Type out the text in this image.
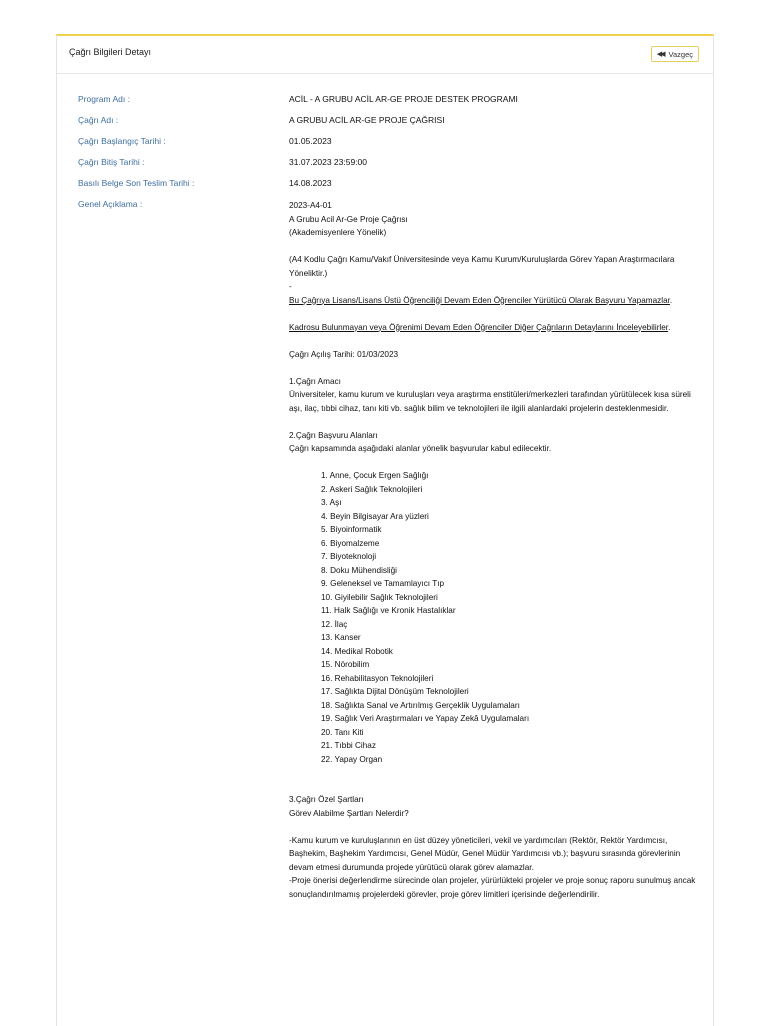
Çağrı Bilgileri Detayı	◀◀ Vazgeç
Program Adı :	ACİL - A GRUBU ACİL AR-GE PROJE DESTEK PROGRAMI
Çağrı Adı :	A GRUBU ACİL AR-GE PROJE ÇAĞRISI
Çağrı Başlangıç Tarihi :	01.05.2023
Çağrı Bitiş Tarihi :	31.07.2023 23:59:00
Basılı Belge Son Teslim Tarihi :	14.08.2023
Genel Açıklama :	2023-A4-01

A Grubu Acil Ar-Ge Proje Çağrısı

(Akademisyenlere Yönelik)

(A4 Kodlu Çağrı Kamu/Vakıf Üniversitesinde veya Kamu Kurum/Kuruluşlarda Görev Yapan Araştırmacılara Yöneliktir.)

-

Bu Çağrıya Lisans/Lisans Üstü Öğrenciliği Devam Eden Öğrenciler Yürütücü Olarak Başvuru Yapamazlar.

Kadrosu Bulunmayan veya Öğrenimi Devam Eden Öğrenciler Diğer Çağrıların Detaylarını İnceleyebilirler.

Çağrı Açılış Tarihi: 01/03/2023

1.Çağrı Amacı

Üniversiteler, kamu kurum ve kuruluşları veya araştırma enstitüleri/merkezleri tarafından yürütülecek kısa süreli aşı, ilaç, tıbbi cihaz, tanı kiti vb. sağlık bilim ve teknolojileri ile ilgili alanlardaki projelerin desteklenmesidir.

2.Çağrı Başvuru Alanları

Çağrı kapsamında aşağıdaki alanlar yönelik başvurular kabul edilecektir.

1. Anne, Çocuk Ergen Sağlığı
2. Askeri Sağlık Teknolojileri
3. Aşı
4. Beyin Bilgisayar Ara yüzleri
5. Biyoinformatik
6. Biyomalzeme
7. Biyoteknoloji
8. Doku Mühendisliği
9. Geleneksel ve Tamamlayıcı Tıp
10. Giyilebilir Sağlık Teknolojileri
11. Halk Sağlığı ve Kronik Hastalıklar
12. İlaç
13. Kanser
14. Medikal Robotik
15. Nörobilim
16. Rehabilitasyon Teknolojileri
17. Sağlıkta Dijital Dönüşüm Teknolojileri
18. Sağlıkta Sanal ve Artırılmış Gerçeklik Uygulamaları
19. Sağlık Veri Araştırmaları ve Yapay Zekâ Uygulamaları
20. Tanı Kiti
21. Tıbbi Cihaz
22. Yapay Organ

3.Çağrı Özel Şartları

Görev Alabilme Şartları Nelerdir?

-Kamu kurum ve kuruluşlarının en üst düzey yöneticileri, vekil ve yardımcıları (Rektör, Rektör Yardımcısı, Başhekim, Başhekim Yardımcısı, Genel Müdür, Genel Müdür Yardımcısı vb.); başvuru sırasında görevlerinin devam etmesi durumunda projede yürütücü olarak görev alamazlar.

-Proje önerisi değerlendirme sürecinde olan projeler, yürürlükteki projeler ve proje sonuç raporu sunulmuş ancak sonuçlandırılmamış projelerdeki görevler, proje görev limitleri içerisinde değerlendirilir.
